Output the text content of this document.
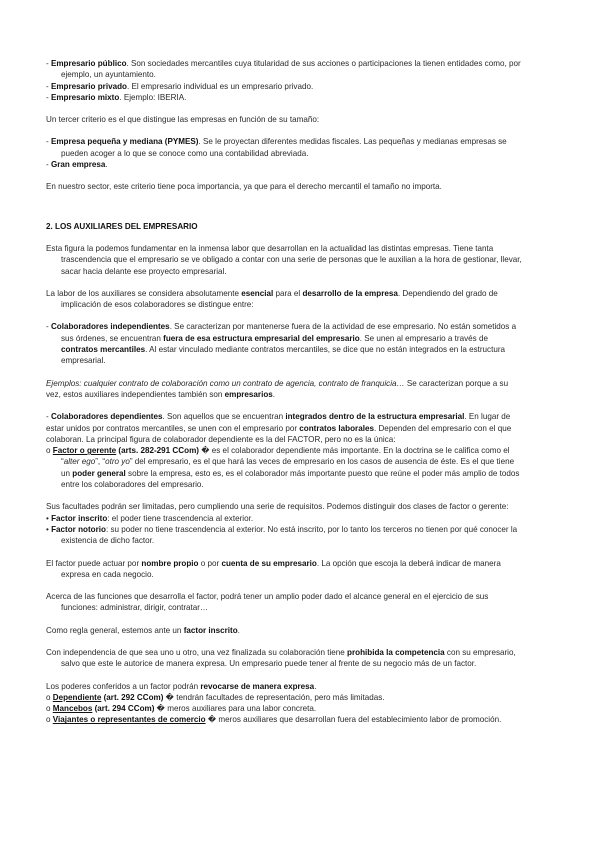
- Empresario público. Son sociedades mercantiles cuya titularidad de sus acciones o participaciones la tienen entidades como, por ejemplo, un ayuntamiento.

- Empresario privado. El empresario individual es un empresario privado.

- Empresario mixto. Ejemplo: IBERIA.

Un tercer criterio es el que distingue las empresas en función de su tamaño:

- Empresa pequeña y mediana (PYMES). Se le proyectan diferentes medidas fiscales. Las pequeñas y medianas empresas se pueden acoger a lo que se conoce como una contabilidad abreviada.

- Gran empresa.

En nuestro sector, este criterio tiene poca importancia, ya que para el derecho mercantil el tamaño no importa.

2. LOS AUXILIARES DEL EMPRESARIO

Esta figura la podemos fundamentar en la inmensa labor que desarrollan en la actualidad las distintas empresas. Tiene tanta trascendencia que el empresario se ve obligado a contar con una serie de personas que le auxilian a la hora de gestionar, llevar, sacar hacia delante ese proyecto empresarial.

La labor de los auxiliares se considera absolutamente esencial para el desarrollo de la empresa. Dependiendo del grado de implicación de esos colaboradores se distingue entre:

- Colaboradores independientes. Se caracterizan por mantenerse fuera de la actividad de ese empresario. No están sometidos a sus órdenes, se encuentran fuera de esa estructura empresarial del empresario. Se unen al empresario a través de contratos mercantiles. Al estar vinculado mediante contratos mercantiles, se dice que no están integrados en la estructura empresarial.

Ejemplos: cualquier contrato de colaboración como un contrato de agencia, contrato de franquicia… Se caracterizan porque a su vez, estos auxiliares independientes también son empresarios.

- Colaboradores dependientes. Son aquellos que se encuentran integrados dentro de la estructura empresarial. En lugar de estar unidos por contratos mercantiles, se unen con el empresario por contratos laborales. Dependen del empresario con el que colaboran. La principal figura de colaborador dependiente es la del FACTOR, pero no es la única:

o Factor o gerente (arts. 282-291 CCom) � es el colaborador dependiente más importante. En la doctrina se le califica como el “alter ego”, “otro yo” del empresario, es el que hará las veces de empresario en los casos de ausencia de éste. Es el que tiene un poder general sobre la empresa, esto es, es el colaborador más importante puesto que reúne el poder más amplio de todos entre los colaboradores del empresario.

Sus facultades podrán ser limitadas, pero cumpliendo una serie de requisitos. Podemos distinguir dos clases de factor o gerente:

• Factor inscrito: el poder tiene trascendencia al exterior.

• Factor notorio: su poder no tiene trascendencia al exterior. No está inscrito, por lo tanto los terceros no tienen por qué conocer la existencia de dicho factor.

El factor puede actuar por nombre propio o por cuenta de su empresario. La opción que escoja la deberá indicar de manera expresa en cada negocio.

Acerca de las funciones que desarrolla el factor, podrá tener un amplio poder dado el alcance general en el ejercicio de sus funciones: administrar, dirigir, contratar…

Como regla general, estemos ante un factor inscrito.

Con independencia de que sea uno u otro, una vez finalizada su colaboración tiene prohibida la competencia con su empresario, salvo que este le autorice de manera expresa. Un empresario puede tener al frente de su negocio más de un factor.

Los poderes conferidos a un factor podrán revocarse de manera expresa.

o Dependiente (art. 292 CCom) � tendrán facultades de representación, pero más limitadas.

o Mancebos (art. 294 CCom) � meros auxiliares para una labor concreta.

o Viajantes o representantes de comercio � meros auxiliares que desarrollan fuera del establecimiento labor de promoción.
